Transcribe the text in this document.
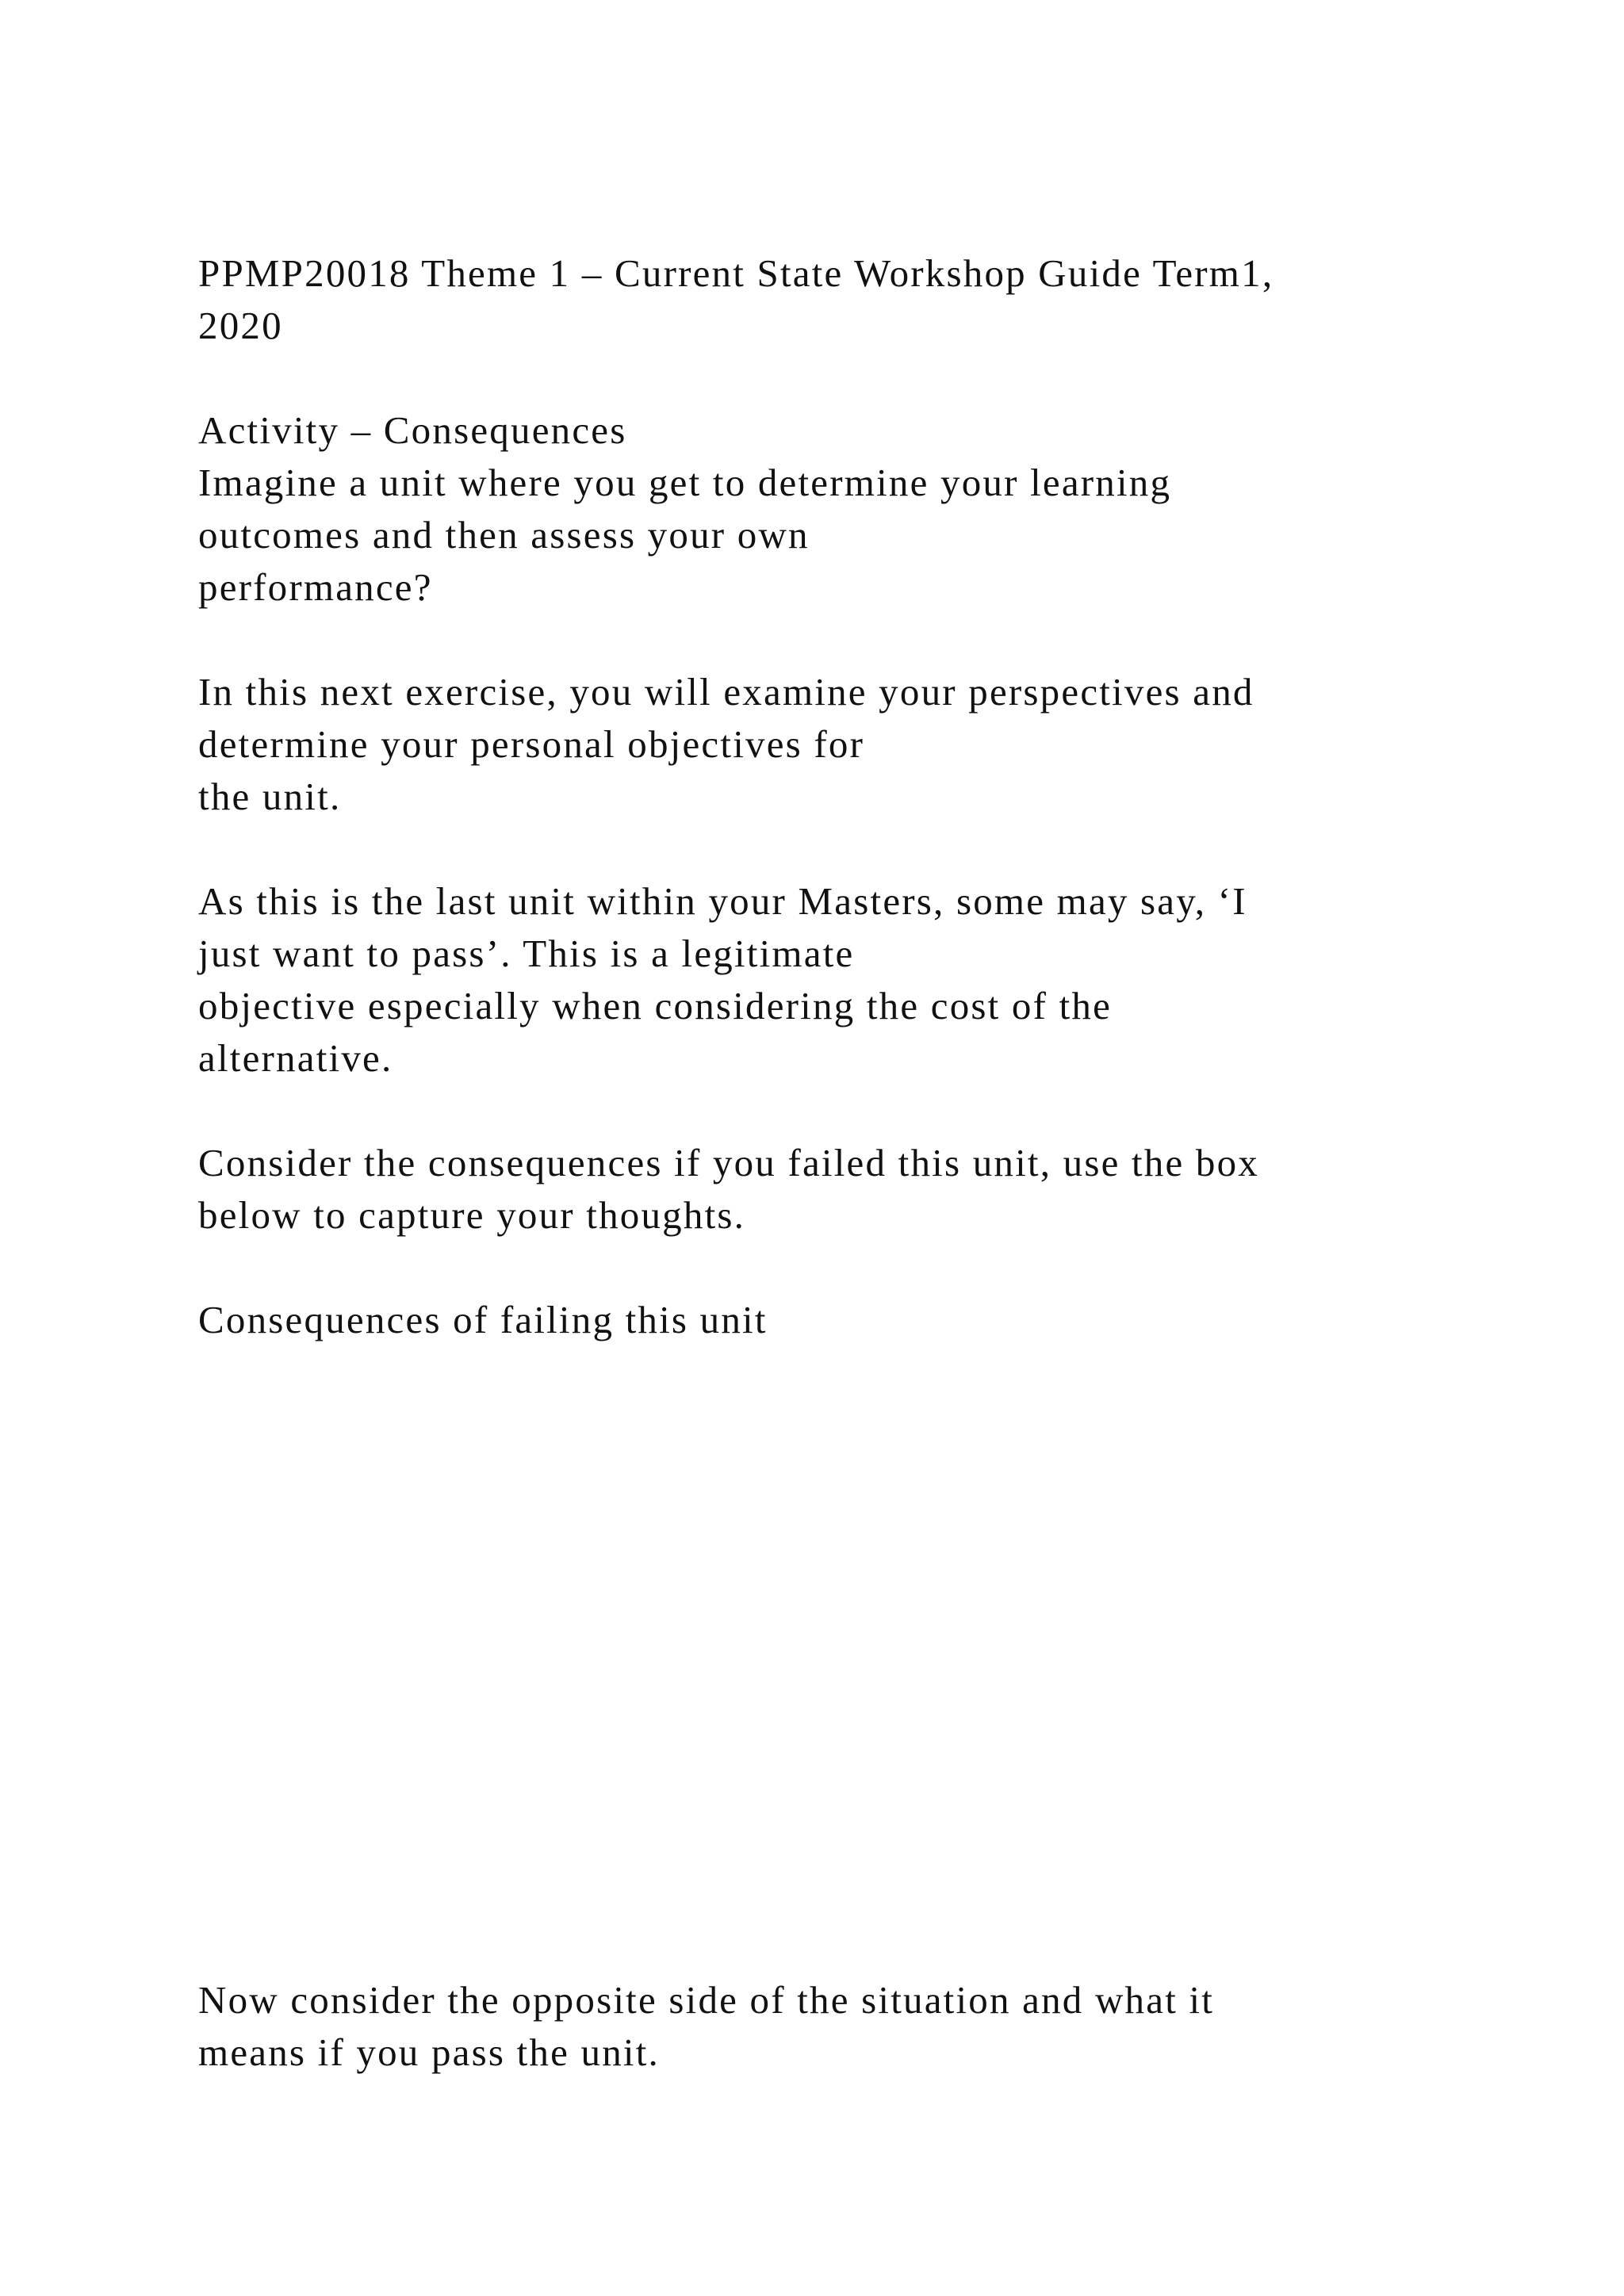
PPMP20018 Theme 1 – Current State Workshop Guide Term1,
2020
Activity – Consequences
Imagine a unit where you get to determine your learning
outcomes and then assess your own
performance?
In this next exercise, you will examine your perspectives and
determine your personal objectives for
the unit.
As this is the last unit within your Masters, some may say, ‘I
just want to pass’. This is a legitimate
objective especially when considering the cost of the
alternative.
Consider the consequences if you failed this unit, use the box
below to capture your thoughts.
Consequences of failing this unit
Now consider the opposite side of the situation and what it
means if you pass the unit.
